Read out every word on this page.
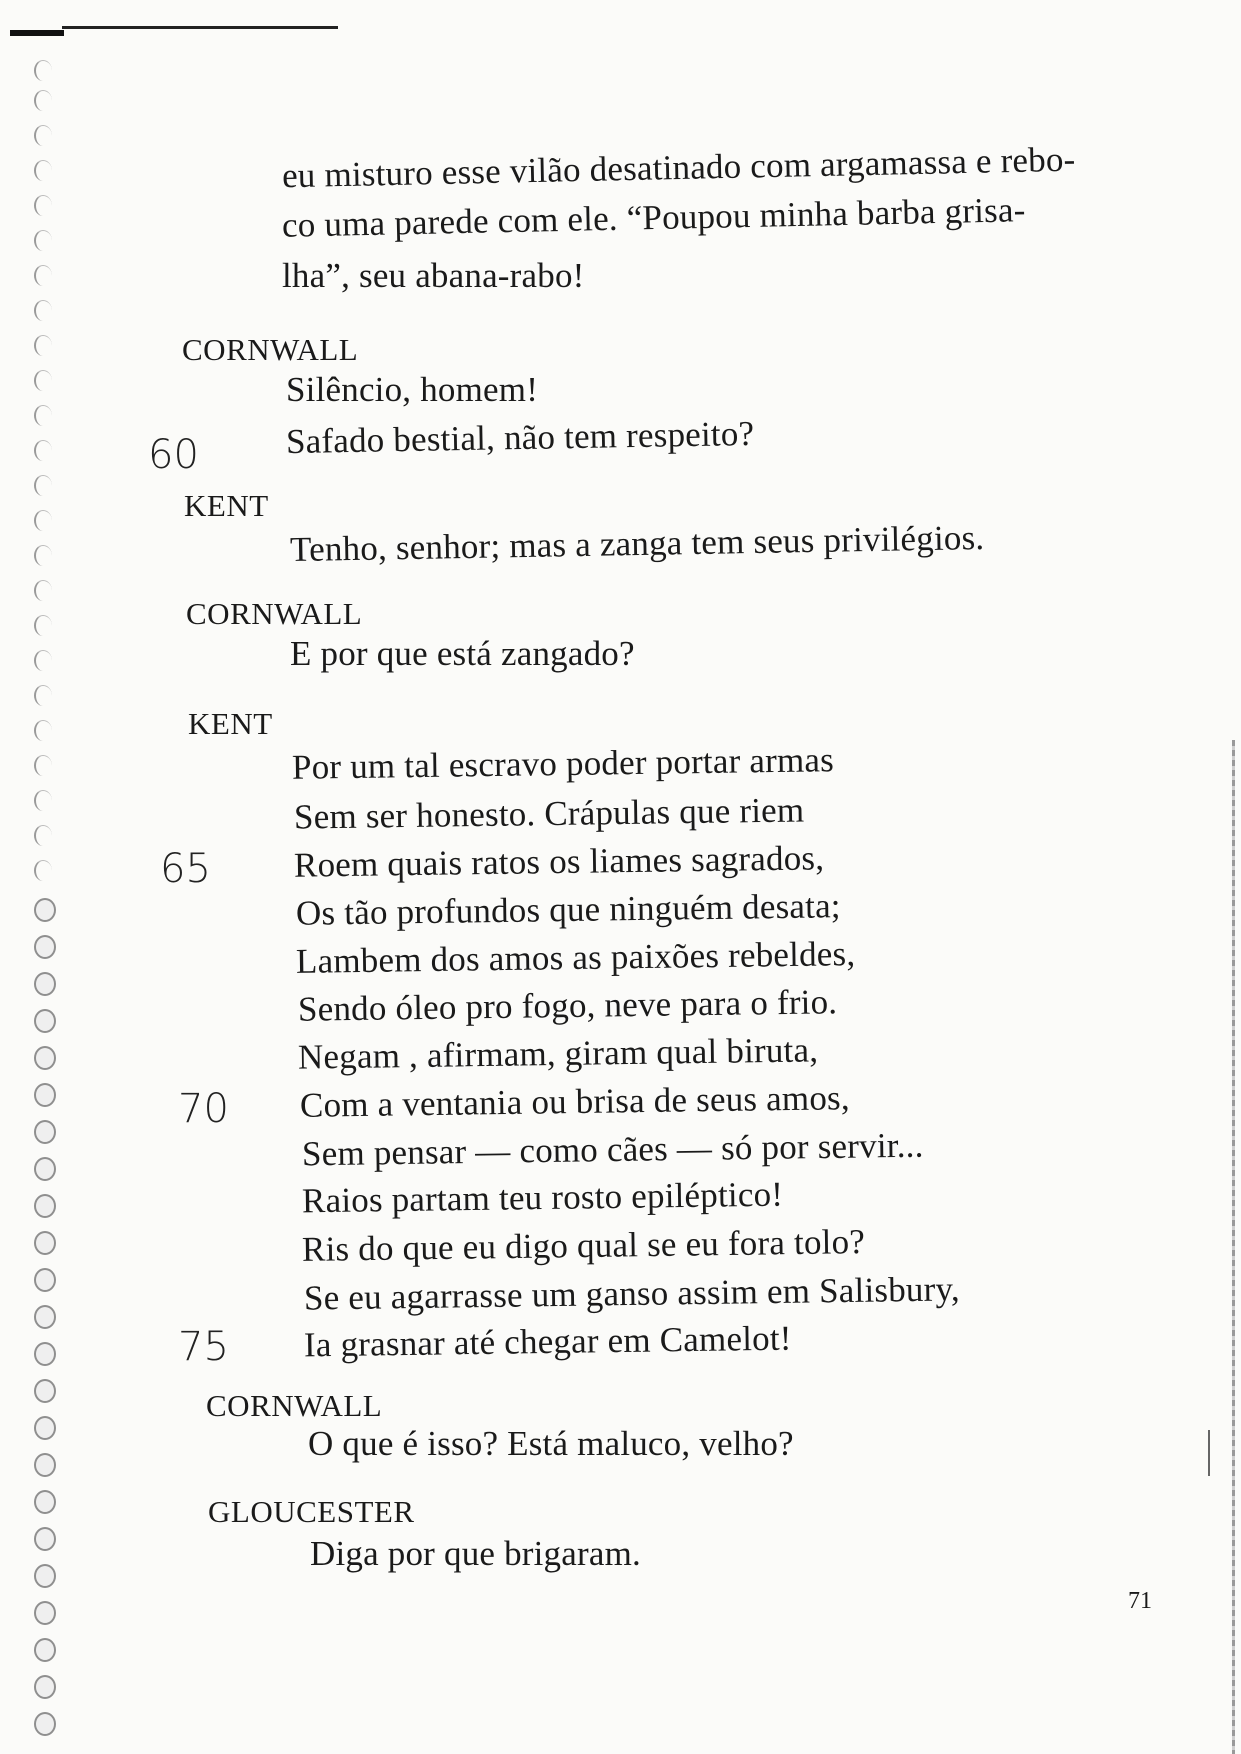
eu misturo esse vilão desatinado com argamassa e rebo-
co uma parede com ele. “Poupou minha barba grisa-
lha”, seu abana-rabo!
CORNWALL
Silêncio, homem!
Safado bestial, não tem respeito?
60
KENT
Tenho, senhor; mas a zanga tem seus privilégios.
CORNWALL
E por que está zangado?
KENT
Por um tal escravo poder portar armas
Sem ser honesto. Crápulas que riem
Roem quais ratos os liames sagrados,
65
Os tão profundos que ninguém desata;
Lambem dos amos as paixões rebeldes,
Sendo óleo pro fogo, neve para o frio.
Negam , afirmam, giram qual biruta,
Com a ventania ou brisa de seus amos,
70
Sem pensar — como cães — só por servir...
Raios partam teu rosto epiléptico!
Ris do que eu digo qual se eu fora tolo?
Se eu agarrasse um ganso assim em Salisbury,
Ia grasnar até chegar em Camelot!
75
CORNWALL
O que é isso? Está maluco, velho?
GLOUCESTER
Diga por que brigaram.
71
